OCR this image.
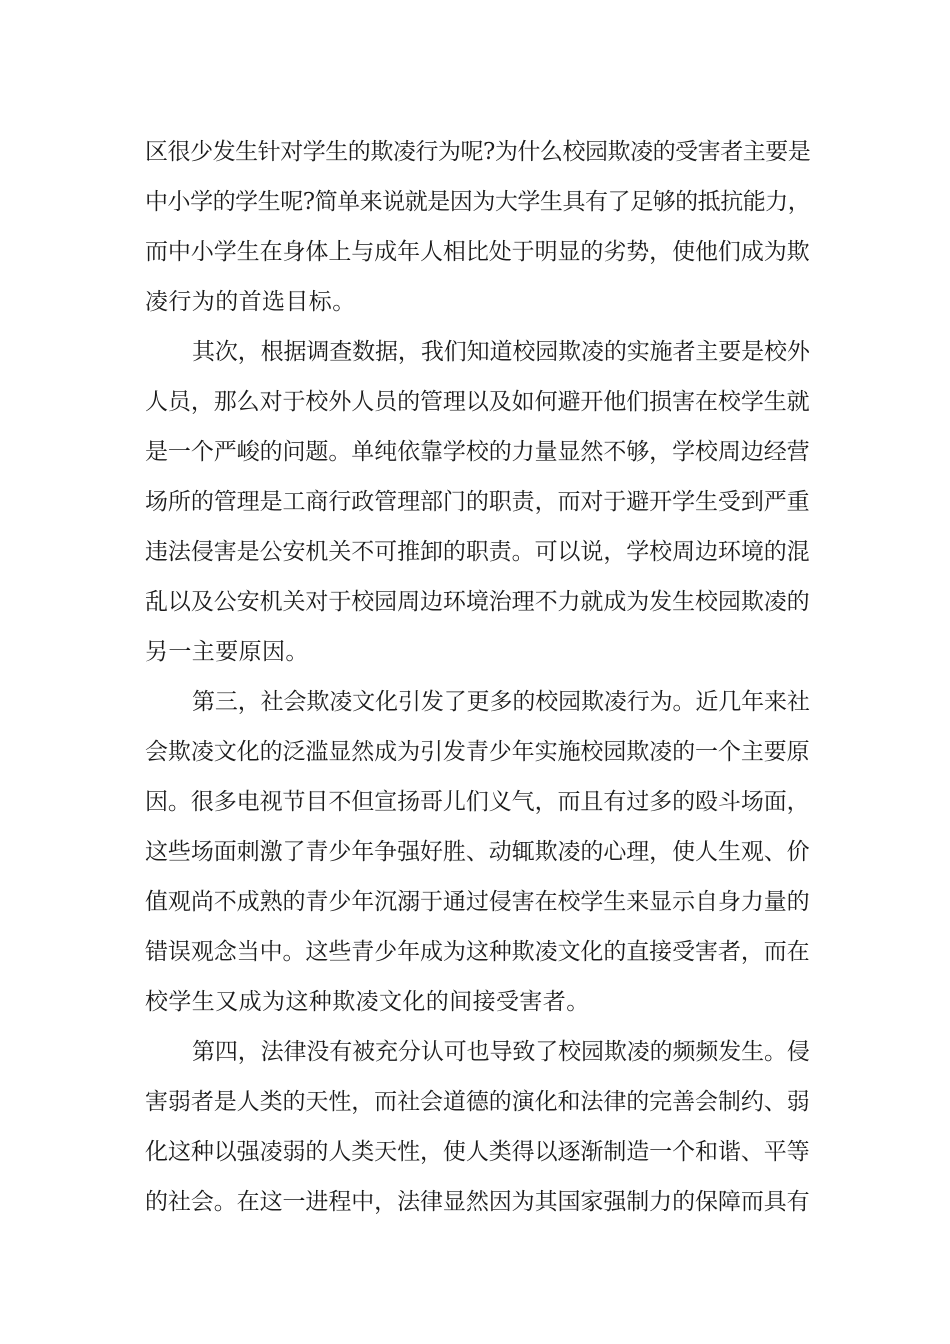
区很少发生针对学生的欺凌行为呢?为什么校园欺凌的受害者主要是
中小学的学生呢?简单来说就是因为大学生具有了足够的抵抗能力，
而中小学生在身体上与成年人相比处于明显的劣势，使他们成为欺
凌行为的首选目标。
其次，根据调查数据，我们知道校园欺凌的实施者主要是校外
人员，那么对于校外人员的管理以及如何避开他们损害在校学生就
是一个严峻的问题。单纯依靠学校的力量显然不够，学校周边经营
场所的管理是工商行政管理部门的职责，而对于避开学生受到严重
违法侵害是公安机关不可推卸的职责。可以说，学校周边环境的混
乱以及公安机关对于校园周边环境治理不力就成为发生校园欺凌的
另一主要原因。
第三，社会欺凌文化引发了更多的校园欺凌行为。近几年来社
会欺凌文化的泛滥显然成为引发青少年实施校园欺凌的一个主要原
因。很多电视节目不但宣扬哥儿们义气，而且有过多的殴斗场面，
这些场面刺激了青少年争强好胜、动辄欺凌的心理，使人生观、价
值观尚不成熟的青少年沉溺于通过侵害在校学生来显示自身力量的
错误观念当中。这些青少年成为这种欺凌文化的直接受害者，而在
校学生又成为这种欺凌文化的间接受害者。
第四，法律没有被充分认可也导致了校园欺凌的频频发生。侵
害弱者是人类的天性，而社会道德的演化和法律的完善会制约、弱
化这种以强凌弱的人类天性，使人类得以逐渐制造一个和谐、平等
的社会。在这一进程中，法律显然因为其国家强制力的保障而具有
